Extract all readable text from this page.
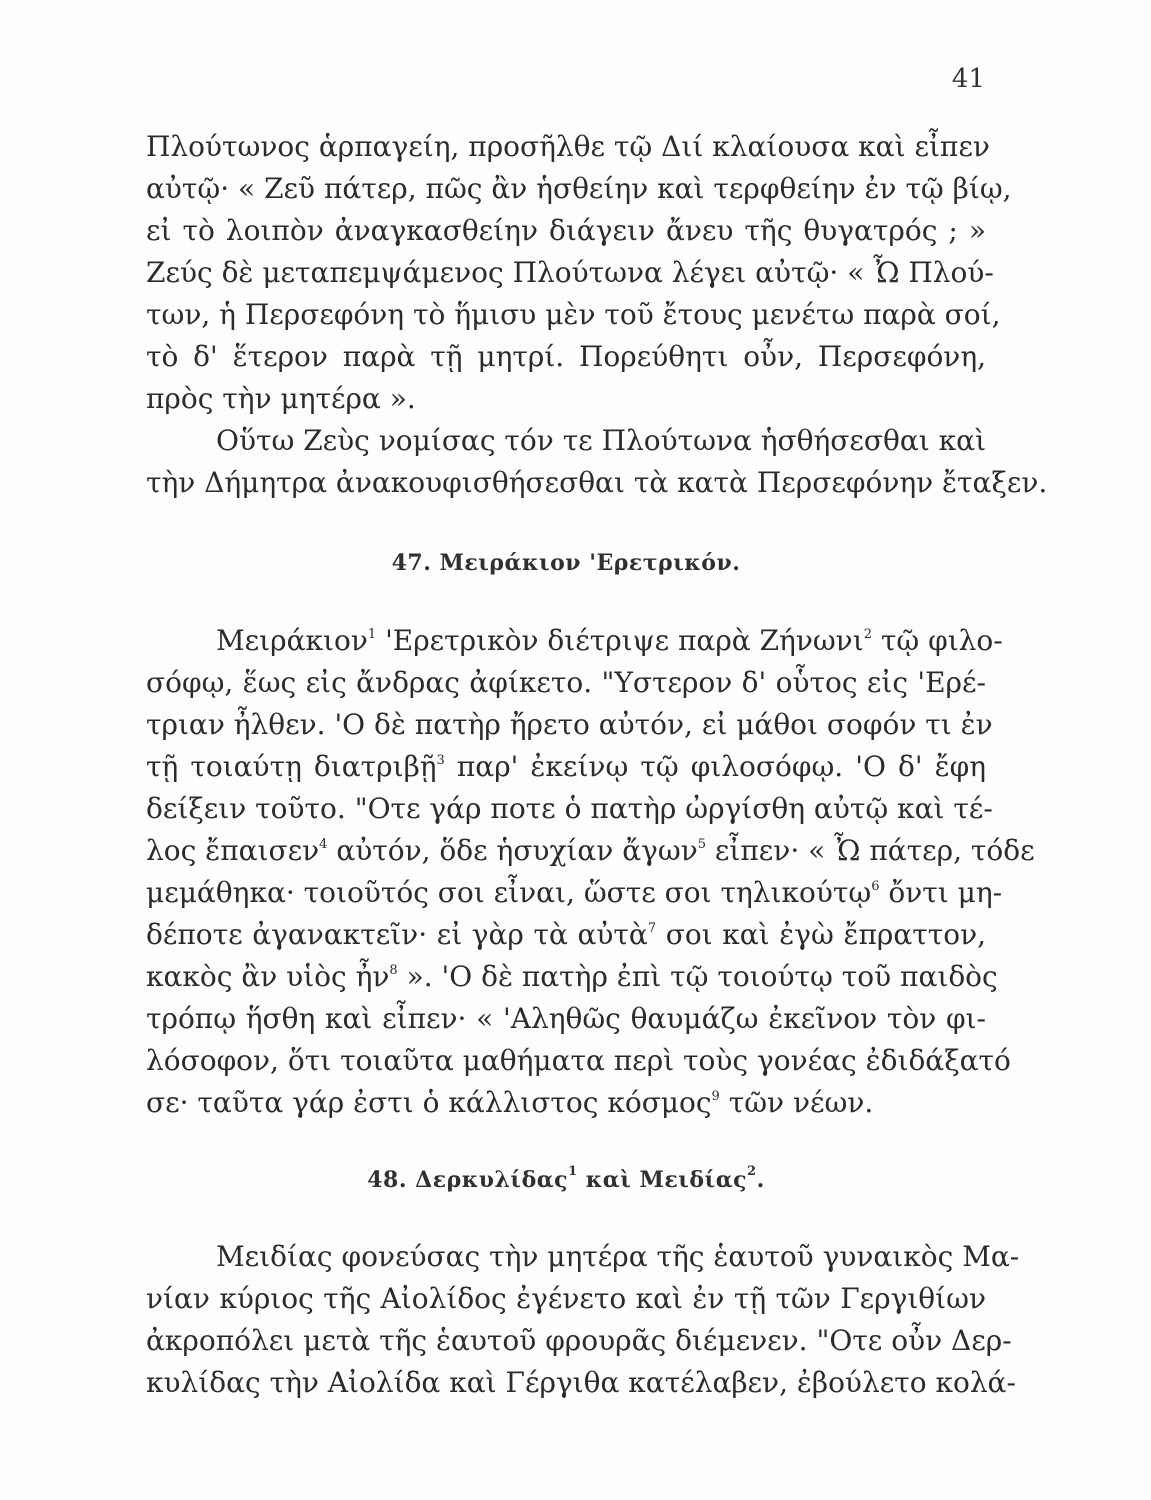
41
Πλούτωνος ἁρπαγείη, προσῆλθε τῷ Διί κλαίουσα καὶ εἶπεν
αὐτῷ· « Ζεῦ πάτερ, πῶς ἂν ἡσθείην καὶ τερφθείην ἐν τῷ βίῳ,
εἰ τὸ λοιπὸν ἀναγκασθείην διάγειν ἄνευ τῆς θυγατρός ; »
Ζεύς δὲ μεταπεμψάμενος Πλούτωνα λέγει αὐτῷ· « Ὦ Πλού-
των, ἡ Περσεφόνη τὸ ἥμισυ μὲν τοῦ ἔτους μενέτω παρὰ σοί,
τὸ δ' ἕτερον παρὰ τῇ μητρί. Πορεύθητι οὖν, Περσεφόνη,
πρὸς τὴν μητέρα ».
Οὕτω Ζεὺς νομίσας τόν τε Πλούτωνα ἡσθήσεσθαι καὶ
τὴν Δήμητρα ἀνακουφισθήσεσθαι τὰ κατὰ Περσεφόνην ἔταξεν.
47. Μειράκιον 'Ερετρικόν.
Μειράκιον$^1$ 'Ερετρικὸν διέτριψε παρὰ Ζήνωνι$^2$ τῷ φιλο-
σόφῳ, ἕως εἰς ἄνδρας ἀφίκετο. "Υστερον δ' οὗτος εἰς 'Ερέ-
τριαν ἦλθεν. 'Ο δὲ πατὴρ ἤρετο αὐτόν, εἰ μάθοι σοφόν τι ἐν
τῇ τοιαύτῃ διατριβῇ$^3$ παρ' ἐκείνῳ τῷ φιλοσόφῳ. 'Ο δ' ἔφη
δείξειν τοῦτο. "Οτε γάρ ποτε ὁ πατὴρ ὠργίσθη αὐτῷ καὶ τέ-
λος ἔπαισεν$^4$ αὐτόν, ὅδε ἡσυχίαν ἄγων$^5$ εἶπεν· « Ὦ πάτερ, τόδε
μεμάθηκα· τοιοῦτός σοι εἶναι, ὥστε σοι τηλικούτῳ$^6$ ὄντι μη-
δέποτε ἀγανακτεῖν· εἰ γὰρ τὰ αὐτὰ$^7$ σοι καὶ ἐγὼ ἔπραττον,
κακὸς ἂν υἱὸς ἦν$^8$ ». 'Ο δὲ πατὴρ ἐπὶ τῷ τοιούτῳ τοῦ παιδὸς
τρόπῳ ἥσθη καὶ εἶπεν· « 'Αληθῶς θαυμάζω ἐκεῖνον τὸν φι-
λόσοφον, ὅτι τοιαῦτα μαθήματα περὶ τοὺς γονέας ἐδιδάξατό
σε· ταῦτα γάρ ἐστι ὁ κάλλιστος κόσμος$^9$ τῶν νέων.
48. Δερκυλίδας$^1$ καὶ Μειδίας$^2$.
Μειδίας φονεύσας τὴν μητέρα τῆς ἑαυτοῦ γυναικὸς Μα-
νίαν κύριος τῆς Αἰολίδος ἐγένετο καὶ ἐν τῇ τῶν Γεργιθίων
ἀκροπόλει μετὰ τῆς ἑαυτοῦ φρουρᾶς διέμενεν. "Οτε οὖν Δερ-
κυλίδας τὴν Αἰολίδα καὶ Γέργιθα κατέλαβεν, ἐβούλετο κολά-
